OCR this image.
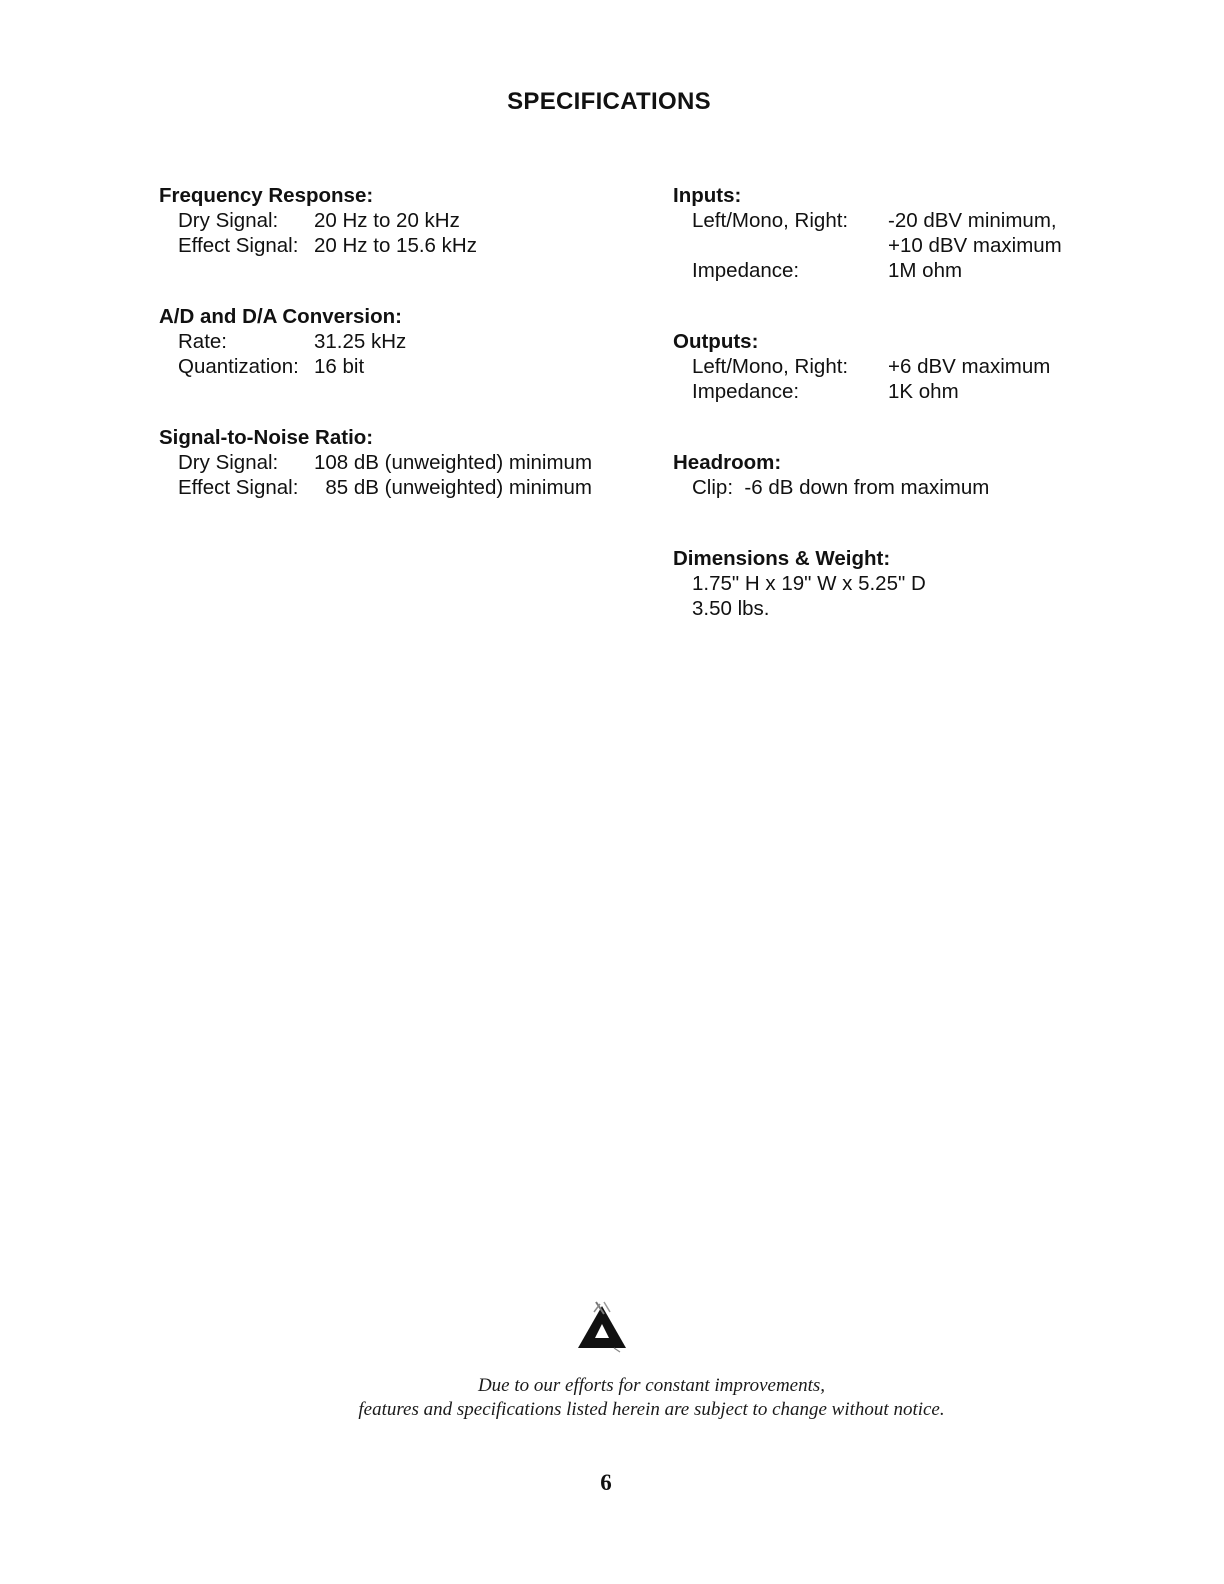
SPECIFICATIONS
Frequency Response:
Dry Signal:	20 Hz to 20 kHz
Effect Signal: 20 Hz to 15.6 kHz
A/D and D/A Conversion:
Rate:	31.25 kHz
Quantization: 16 bit
Signal-to-Noise Ratio:
Dry Signal:	108 dB (unweighted) minimum
Effect Signal: 85 dB (unweighted) minimum
Inputs:
Left/Mono, Right:	-20 dBV minimum,
+10 dBV maximum
Impedance:	1M ohm
Outputs:
Left/Mono, Right:	+6 dBV maximum
Impedance:	1K ohm
Headroom:
Clip:  -6 dB down from maximum
Dimensions & Weight:
1.75" H x 19" W x 5.25" D
3.50 lbs.
Due to our efforts for constant improvements,
features and specifications listed herein are subject to change without notice.
6
